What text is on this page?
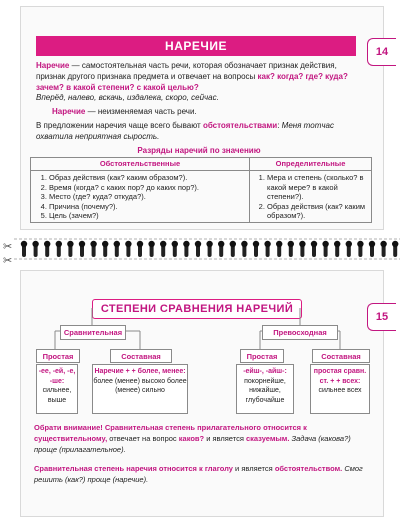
14
НАРЕЧИЕ

Наречие — самостоятельная часть речи, которая обозначает признак действия, признак другого признака предмета и отвечает на вопросы как? когда? где? куда? зачем? в какой степени? с какой целью?

Вперёд, налево, вскачь, издалека, скоро, сейчас.

Наречие — неизменяемая часть речи.

В предложении наречия чаще всего бывают обстоятельствами: Меня тотчас охватила неприятная сырость.

Разряды наречий по значению

Обстоятельственные	Определительные
1. Образ действия (как? каким образом?).
2. Время (когда? с каких пор? до каких пор?).
3. Место (где? куда? откуда?).
4. Причина (почему?).
5. Цель (зачем?)
1. Мера и степень (сколько? в какой мере? в какой степени?).
2. Образ действия (как? каким образом?).
✂
✂
15
СТЕПЕНИ СРАВНЕНИЯ НАРЕЧИЙ
Сравнительная	Превосходная
Простая	Составная	Простая	Составная
-ее, -ей, -е, -ше:
сильнее, выше
Наречие + + более, менее:
более (менее) высоко более (менее) сильно
-ейш-, -айш-:
покорнейше, нижайше, глубочайше
простая сравн. ст. + + всех:
сильнее всех

Обрати внимание! Сравнительная степень прилагательного относится к существительному, отвечает на вопрос каков? и является сказуемым. Задача (какова?) проще (прилагательное).

Сравнительная степень наречия относится к глаголу и является обстоятельством. Смог решить (как?) проще (наречие).
